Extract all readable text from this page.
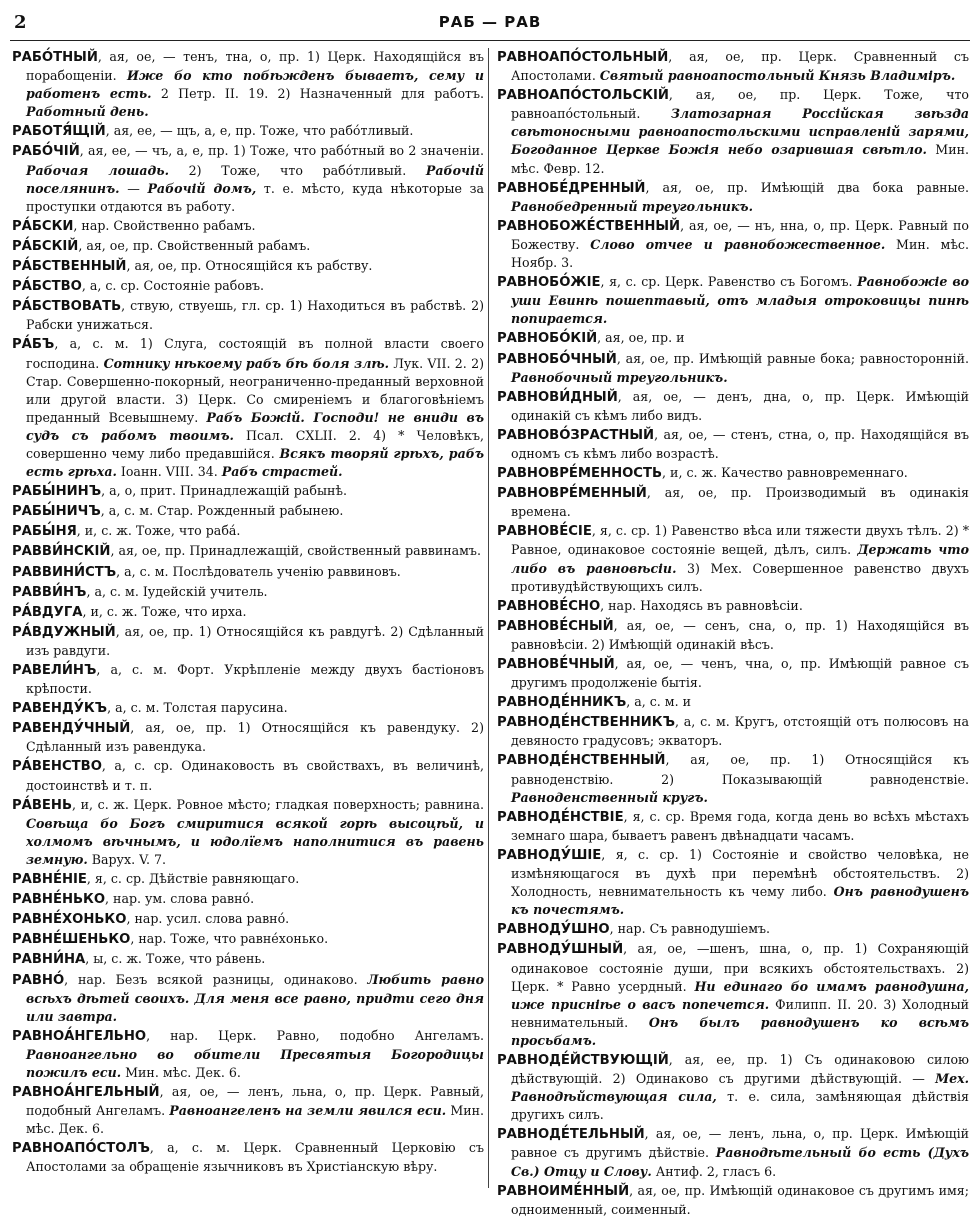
2	РАБ — РАВ

РАБО́ТНЫЙ, ая, ое, — тенъ, тна, о, пр. 1) Церк. Находящійся въ порабощеніи. Иже бо кто побѣжденъ бываетъ, сему и работенъ есть. 2 Петр. II. 19. 2) Назначенный для работъ. Работный день.

РАБОТЯ́ЩІЙ, ая, ее, — щъ, а, е, пр. Тоже, что рабо́тливый.

РАБО́ЧІЙ, ая, ее, — чъ, а, е, пр. 1) Тоже, что рабо́тный во 2 значеніи. Рабочая лошадь. 2) Тоже, что рабо́тливый. Рабочій поселянинъ. — Рабочій домъ, т. е. мѣсто, куда нѣкоторые за проступки отдаются въ работу.

РА́БСКИ, нар. Свойственно рабамъ.

РА́БСКІЙ, ая, ое, пр. Свойственный рабамъ.

РА́БСТВЕННЫЙ, ая, ое, пр. Относящійся къ рабству.

РА́БСТВО, а, с. ср. Состояніе рабовъ.

РА́БСТВОВАТЬ, ствую, ствуешь, гл. ср. 1) Находиться въ рабствѣ. 2) Рабски унижаться.

РА́БЪ, а, с. м. 1) Слуга, состоящій въ полной власти своего господина. Сотнику нѣкоему рабъ бѣ боля злѣ. Лук. VII. 2. 2) Стар. Совершенно-покорный, неограниченно-преданный верховной или другой власти. 3) Церк. Со смиреніемъ и благоговѣніемъ преданный Всевышнему. Рабъ Божій. Господи! не вниди въ судъ съ рабомъ твоимъ. Псал. CXLII. 2. 4) * Человѣкъ, совершенно чему либо предавшійся. Всякъ творяй грѣхъ, рабъ есть грѣха. Іоанн. VIII. 34. Рабъ страстей.

РАБЫ́НИНЪ, а, о, прит. Принадлежащій рабынѣ.

РАБЫ́НИЧЪ, а, с. м. Стар. Рожденный рабынею.

РАБЫ́НЯ, и, с. ж. Тоже, что раба́.

РАВВИ́НСКІЙ, ая, ое, пр. Принадлежащій, свойственный раввинамъ.

РАВВИНИ́СТЪ, а, с. м. Послѣдователь ученію раввиновъ.

РАВВИ́НЪ, а, с. м. Іудейскій учитель.

РА́ВДУГА, и, с. ж. Тоже, что ирха.

РА́ВДУЖНЫЙ, ая, ое, пр. 1) Относящійся къ равдугѣ. 2) Сдѣланный изъ равдуги.

РАВЕЛИ́НЪ, а, с. м. Форт. Укрѣпленіе между двухъ бастіоновъ крѣпости.

РАВЕНДУ́КЪ, а, с. м. Толстая парусина.

РАВЕНДУ́ЧНЫЙ, ая, ое, пр. 1) Относящійся къ равендуку. 2) Сдѣланный изъ равендука.

РА́ВЕНСТВО, а, с. ср. Одинаковость въ свойствахъ, въ величинѣ, достоинствѣ и т. п.

РА́ВЕНЬ, и, с. ж. Церк. Ровное мѣсто; гладкая поверхность; равнина. Совѣща бо Богъ смиритися всякой горѣ высоцѣй, и холмомъ вѣчнымъ, и юдолїемъ наполнитися въ равень земную. Варух. V. 7.

РАВНЕ́НІЕ, я, с. ср. Дѣйствіе равняющаго.

РАВНЕ́НЬКО, нар. ум. слова равно́.

РАВНЕ́ХОНЬКО, нар. усил. слова равно́.

РАВНЕ́ШЕНЬКО, нар. Тоже, что равне́хонько.

РАВНИ́НА, ы, с. ж. Тоже, что ра́вень.

РАВНО́, нар. Безъ всякой разницы, одинаково. Любить равно всѣхъ дѣтей своихъ. Для меня все равно, придти сего дня или завтра.

РАВНОА́НГЕЛЬНО, нар. Церк. Равно, подобно Ангеламъ. Равноангельно во обители Пресвятыя Богородицы пожилъ еси. Мин. мѣс. Дек. 6.

РАВНОА́НГЕЛЬНЫЙ, ая, ое, — ленъ, льна, о, пр. Церк. Равный, подобный Ангеламъ. Равноангеленъ на земли явился еси. Мин. мѣс. Дек. 6.

РАВНОАПО́СТОЛЪ, а, с. м. Церк. Сравненный Церковію съ Апостолами за обращеніе язычниковъ въ Христіанскую вѣру.

РАВНОАПО́СТОЛЬНЫЙ, ая, ое, пр. Церк. Сравненный съ Апостолами. Святый равноапостольный Князь Владиміръ.

РАВНОАПО́СТОЛЬСКІЙ, ая, ое, пр. Церк. Тоже, что равноапо́стольный. Златозарная Россійская звѣзда свѣтоносными равноапостольскими исправленій зарями, Богоданное Церкве Божія небо озарившая свѣтло. Мин. мѣс. Февр. 12.

РАВНОБЕ́ДРЕННЫЙ, ая, ое, пр. Имѣющій два бока равные. Равнобедренный треугольникъ.

РАВНОБОЖЕ́СТВЕННЫЙ, ая, ое, — нъ, нна, о, пр. Церк. Равный по Божеству. Слово отчее и равнобожественное. Мин. мѣс. Ноябр. 3.

РАВНОБО́ЖІЕ, я, с. ср. Церк. Равенство съ Богомъ. Равнобожіе во уши Евинѣ пошептавый, отъ младыя отроковицы пинѣ попирается.

РАВНОБО́КІЙ, ая, ое, пр. и

РАВНОБО́ЧНЫЙ, ая, ое, пр. Имѣющій равные бока; равносторонній. Равнобочный треугольникъ.

РАВНОВИ́ДНЫЙ, ая, ое, — денъ, дна, о, пр. Церк. Имѣющій одинакій съ кѣмъ либо видъ.

РАВНОВО́ЗРАСТНЫЙ, ая, ое, — стенъ, стна, о, пр. Находящійся въ одномъ съ кѣмъ либо возрастѣ.

РАВНОВРЕ́МЕННОСТЬ, и, с. ж. Качество равновременнаго.

РАВНОВРЕ́МЕННЫЙ, ая, ое, пр. Производимый въ одинакія времена.

РАВНОВЕ́СІЕ, я, с. ср. 1) Равенство вѣса или тяжести двухъ тѣлъ. 2) * Равное, одинаковое состояніе вещей, дѣлъ, силъ. Держать что либо въ равновѣсіи. 3) Мех. Совершенное равенство двухъ противудѣйствующихъ силъ.

РАВНОВЕ́СНО, нар. Находясь въ равновѣсіи.

РАВНОВЕ́СНЫЙ, ая, ое, — сенъ, сна, о, пр. 1) Находящійся въ равновѣсіи. 2) Имѣющій одинакій вѣсъ.

РАВНОВЕ́ЧНЫЙ, ая, ое, — ченъ, чна, о, пр. Имѣющій равное съ другимъ продолженіе бытія.

РАВНОДЕ́ННИКЪ, а, с. м. и

РАВНОДЕ́НСТВЕННИКЪ, а, с. м. Кругъ, отстоящій отъ полюсовъ на девяносто градусовъ; экваторъ.

РАВНОДЕ́НСТВЕННЫЙ, ая, ое, пр. 1) Относящійся къ равноденствію. 2) Показывающій равноденствіе. Равноденственный кругъ.

РАВНОДЕ́НСТВІЕ, я, с. ср. Время года, когда день во всѣхъ мѣстахъ земнаго шара, бываетъ равенъ двѣнадцати часамъ.

РАВНОДУ́ШІЕ, я, с. ср. 1) Состояніе и свойство человѣка, не измѣняющагося въ духѣ при перемѣнѣ обстоятельствъ. 2) Холодность, невнимательность къ чему либо. Онъ равнодушенъ къ почестямъ.

РАВНОДУ́ШНО, нар. Съ равнодушіемъ.

РАВНОДУ́ШНЫЙ, ая, ое, —шенъ, шна, о, пр. 1) Сохраняющій одинаковое состояніе души, при всякихъ обстоятельствахъ. 2) Церк. * Равно усердный. Ни единаго бо имамъ равнодушна, иже присніѣе о васъ попечется. Филипп. II. 20. 3) Холодный невнимательный. Онъ былъ равнодушенъ ко всѣмъ просьбамъ.

РАВНОДЕ́ЙСТВУЮЩІЙ, ая, ее, пр. 1) Съ одинаковою силою дѣйствующій. 2) Одинаково съ другими дѣйствующій. — Мех. Равнодѣйствующая сила, т. е. сила, замѣняющая дѣйствія другихъ силъ.

РАВНОДЕ́ТЕЛЬНЫЙ, ая, ое, — ленъ, льна, о, пр. Церк. Имѣющій равное съ другимъ дѣйствіе. Равнодѣтельный бо есть (Духъ Св.) Отцу и Слову. Антиф. 2, гласъ 6.

РАВНОИМЕ́ННЫЙ, ая, ое, пр. Имѣющій одинаковое съ другимъ имя; одноименный, соименный.
